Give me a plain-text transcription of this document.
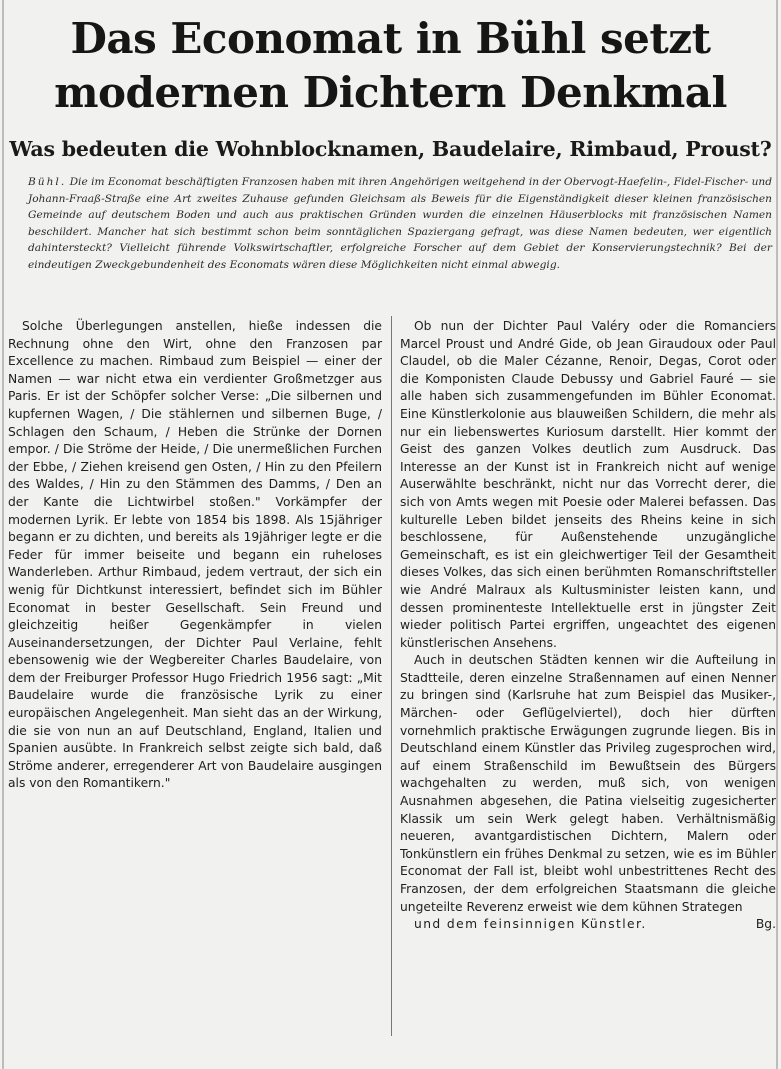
Das Economat in Bühl setzt
modernen Dichtern Denkmal
Was bedeuten die Wohnblocknamen, Baudelaire, Rimbaud, Proust?
Bühl. Die im Economat beschäftigten Franzosen haben mit ihren Angehörigen weitgehend in der Obervogt-Haefelin-, Fidel-Fischer- und Johann-Fraaß-Straße eine Art zweites Zuhause gefunden Gleichsam als Beweis für die Eigenständigkeit dieser kleinen französischen Gemeinde auf deutschem Boden und auch aus praktischen Gründen wurden die einzelnen Häuserblocks mit französischen Namen beschildert. Mancher hat sich bestimmt schon beim sonntäglichen Spaziergang gefragt, was diese Namen bedeuten, wer eigentlich dahintersteckt? Vielleicht führende Volkswirtschaftler, erfolgreiche Forscher auf dem Gebiet der Konservierungstechnik? Bei der eindeutigen Zweckgebundenheit des Economats wären diese Möglichkeiten nicht einmal abwegig.

Solche Überlegungen anstellen, hieße indessen die Rechnung ohne den Wirt, ohne den Franzosen par Excellence zu machen. Rimbaud zum Beispiel — einer der Namen — war nicht etwa ein verdienter Großmetzger aus Paris. Er ist der Schöpfer solcher Verse: „Die silbernen und kupfernen Wagen, / Die stählernen und silbernen Buge, / Schlagen den Schaum, / Heben die Strünke der Dornen empor. / Die Ströme der Heide, / Die unermeßlichen Furchen der Ebbe, / Ziehen kreisend gen Osten, / Hin zu den Pfeilern des Waldes, / Hin zu den Stämmen des Damms, / Den an der Kante die Lichtwirbel stoßen." Vorkämpfer der modernen Lyrik. Er lebte von 1854 bis 1898. Als 15jähriger begann er zu dichten, und bereits als 19jähriger legte er die Feder für immer beiseite und begann ein ruheloses Wanderleben. Arthur Rimbaud, jedem vertraut, der sich ein wenig für Dichtkunst interessiert, befindet sich im Bühler Economat in bester Gesellschaft. Sein Freund und gleichzeitig heißer Gegenkämpfer in vielen Auseinandersetzungen, der Dichter Paul Verlaine, fehlt ebensowenig wie der Wegbereiter Charles Baudelaire, von dem der Freiburger Professor Hugo Friedrich 1956 sagt: „Mit Baudelaire wurde die französische Lyrik zu einer europäischen Angelegenheit. Man sieht das an der Wirkung, die sie von nun an auf Deutschland, England, Italien und Spanien ausübte. In Frankreich selbst zeigte sich bald, daß Ströme anderer, erregenderer Art von Baudelaire ausgingen als von den Romantikern."

Ob nun der Dichter Paul Valéry oder die Romanciers Marcel Proust und André Gide, ob Jean Giraudoux oder Paul Claudel, ob die Maler Cézanne, Renoir, Degas, Corot oder die Komponisten Claude Debussy und Gabriel Fauré — sie alle haben sich zusammengefunden im Bühler Economat. Eine Künstlerkolonie aus blauweißen Schildern, die mehr als nur ein liebenswertes Kuriosum darstellt. Hier kommt der Geist des ganzen Volkes deutlich zum Ausdruck. Das Interesse an der Kunst ist in Frankreich nicht auf wenige Auserwählte beschränkt, nicht nur das Vorrecht derer, die sich von Amts wegen mit Poesie oder Malerei befassen. Das kulturelle Leben bildet jenseits des Rheins keine in sich beschlossene, für Außenstehende unzugängliche Gemeinschaft, es ist ein gleichwertiger Teil der Gesamtheit dieses Volkes, das sich einen berühmten Romanschriftsteller wie André Malraux als Kultusminister leisten kann, und dessen prominenteste Intellektuelle erst in jüngster Zeit wieder politisch Partei ergriffen, ungeachtet des eigenen künstlerischen Ansehens.

Auch in deutschen Städten kennen wir die Aufteilung in Stadtteile, deren einzelne Straßennamen auf einen Nenner zu bringen sind (Karlsruhe hat zum Beispiel das Musiker-, Märchen- oder Geflügelviertel), doch hier dürften vornehmlich praktische Erwägungen zugrunde liegen. Bis in Deutschland einem Künstler das Privileg zugesprochen wird, auf einem Straßenschild im Bewußtsein des Bürgers wachgehalten zu werden, muß sich, von wenigen Ausnahmen abgesehen, die Patina vielseitig zugesicherter Klassik um sein Werk gelegt haben. Verhältnismäßig neueren, avantgardistischen Dichtern, Malern oder Tonkünstlern ein frühes Denkmal zu setzen, wie es im Bühler Economat der Fall ist, bleibt wohl unbestrittenes Recht des Franzosen, der dem erfolgreichen Staatsmann die gleiche ungeteilte Reverenz erweist wie dem kühnen Strategen

und dem feinsinnigen Künstler.	Bg.
